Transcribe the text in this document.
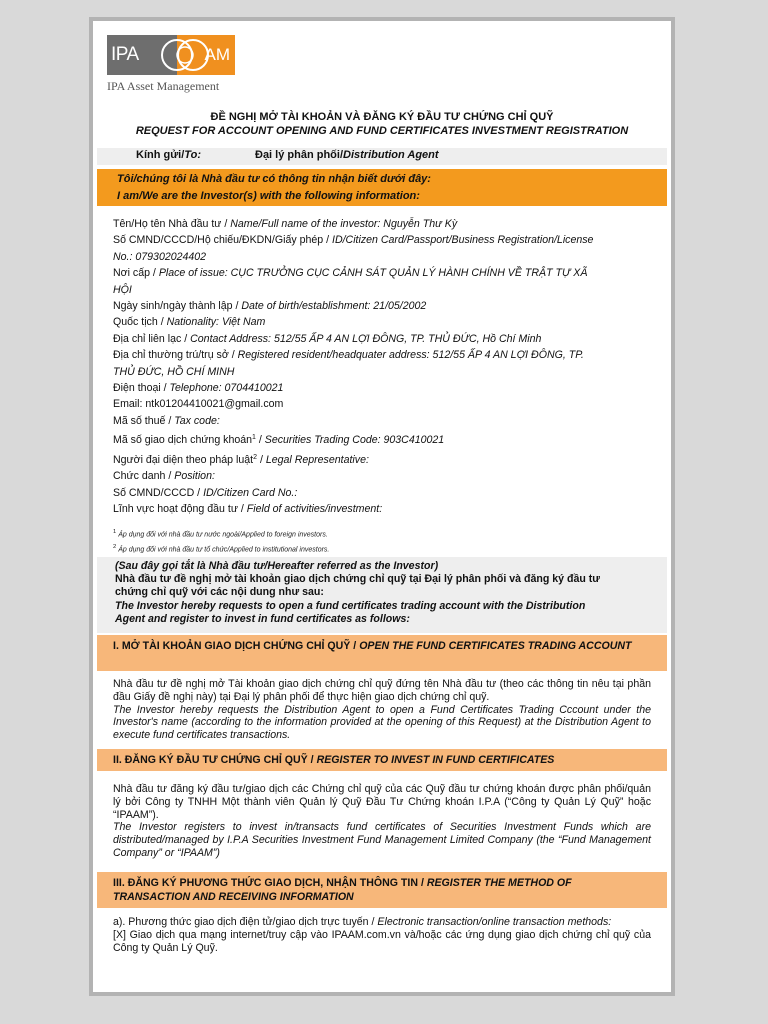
IPA	AM
IPA Asset Management
ĐỀ NGHỊ MỞ TÀI KHOẢN VÀ ĐĂNG KÝ ĐẦU TƯ CHỨNG CHỈ QUỸ
REQUEST FOR ACCOUNT OPENING AND FUND CERTIFICATES INVESTMENT REGISTRATION
Kính gửi/To:	Đại lý phân phối/Distribution Agent
Tôi/chúng tôi là Nhà đầu tư có thông tin nhận biết dưới đây:
I am/We are the Investor(s) with the following information:
Tên/Họ tên Nhà đầu tư / Name/Full name of the investor: Nguyễn Thư Kỳ
Số CMND/CCCD/Hộ chiếu/ĐKDN/Giấy phép / ID/Citizen Card/Passport/Business Registration/License
No.: 079302024402
Nơi cấp / Place of issue: CỤC TRƯỞNG CỤC CẢNH SÁT QUẢN LÝ HÀNH CHÍNH VỀ TRẬT TỰ XÃ
HỘI
Ngày sinh/ngày thành lập / Date of birth/establishment: 21/05/2002
Quốc tịch / Nationality: Việt Nam
Địa chỉ liên lạc / Contact Address: 512/55 ẤP 4 AN LỢI ĐÔNG, TP. THỦ ĐỨC, Hồ Chí Minh
Địa chỉ thường trú/trụ sở / Registered resident/headquater address: 512/55 ẤP 4 AN LỢI ĐÔNG, TP.
THỦ ĐỨC, HỒ CHÍ MINH
Điện thoại / Telephone: 0704410021
Email: ntk01204410021@gmail.com
Mã số thuế / Tax code:
Mã số giao dịch chứng khoán$^1$ / Securities Trading Code: 903C410021
Người đại diện theo pháp luật$^2$ / Legal Representative:
Chức danh / Position:
Số CMND/CCCD / ID/Citizen Card No.:
Lĩnh vực hoạt động đầu tư / Field of activities/investment:
$^1$ Áp dụng đối với nhà đầu tư nước ngoài/Applied to foreign investors.
$^2$ Áp dụng đối với nhà đầu tư tổ chức/Applied to institutional investors.
(Sau đây gọi tắt là Nhà đầu tư/Hereafter referred as the Investor)
Nhà đầu tư đề nghị mở tài khoản giao dịch chứng chỉ quỹ tại Đại lý phân phối và đăng ký đầu tư
chứng chỉ quỹ với các nội dung như sau:
The Investor hereby requests to open a fund certificates trading account with the Distribution
Agent and register to invest in fund certificates as follows:
I. MỞ TÀI KHOẢN GIAO DỊCH CHỨNG CHỈ QUỸ / OPEN THE FUND CERTIFICATES TRADING ACCOUNT
Nhà đầu tư đề nghị mở Tài khoản giao dịch chứng chỉ quỹ đứng tên Nhà đầu tư (theo các thông tin nêu tại phần đầu Giấy đề nghị này) tại Đại lý phân phối để thực hiện giao dịch chứng chỉ quỹ.
The Investor hereby requests the Distribution Agent to open a Fund Certificates Trading Cccount under the Investor's name (according to the information provided at the opening of this Request) at the Distribution Agent to execute fund certificates transactions.
II. ĐĂNG KÝ ĐẦU TƯ CHỨNG CHỈ QUỸ / REGISTER TO INVEST IN FUND CERTIFICATES
Nhà đầu tư đăng ký đầu tư/giao dịch các Chứng chỉ quỹ của các Quỹ đầu tư chứng khoán được phân phối/quản lý bởi Công ty TNHH Một thành viên Quản lý Quỹ Đầu Tư Chứng khoán I.P.A (“Công ty Quản Lý Quỹ” hoặc “IPAAM”).
The Investor registers to invest in/transacts fund certificates of Securities Investment Funds which are distributed/managed by I.P.A Securities Investment Fund Management Limited Company (the “Fund Management Company” or “IPAAM”)
III. ĐĂNG KÝ PHƯƠNG THỨC GIAO DỊCH, NHẬN THÔNG TIN / REGISTER THE METHOD OF TRANSACTION AND RECEIVING INFORMATION
a). Phương thức giao dịch điện tử/giao dịch trực tuyến / Electronic transaction/online transaction methods:
[X] Giao dịch qua mạng internet/truy cập vào IPAAM.com.vn và/hoặc các ứng dụng giao dịch chứng chỉ quỹ của Công ty Quản Lý Quỹ.
